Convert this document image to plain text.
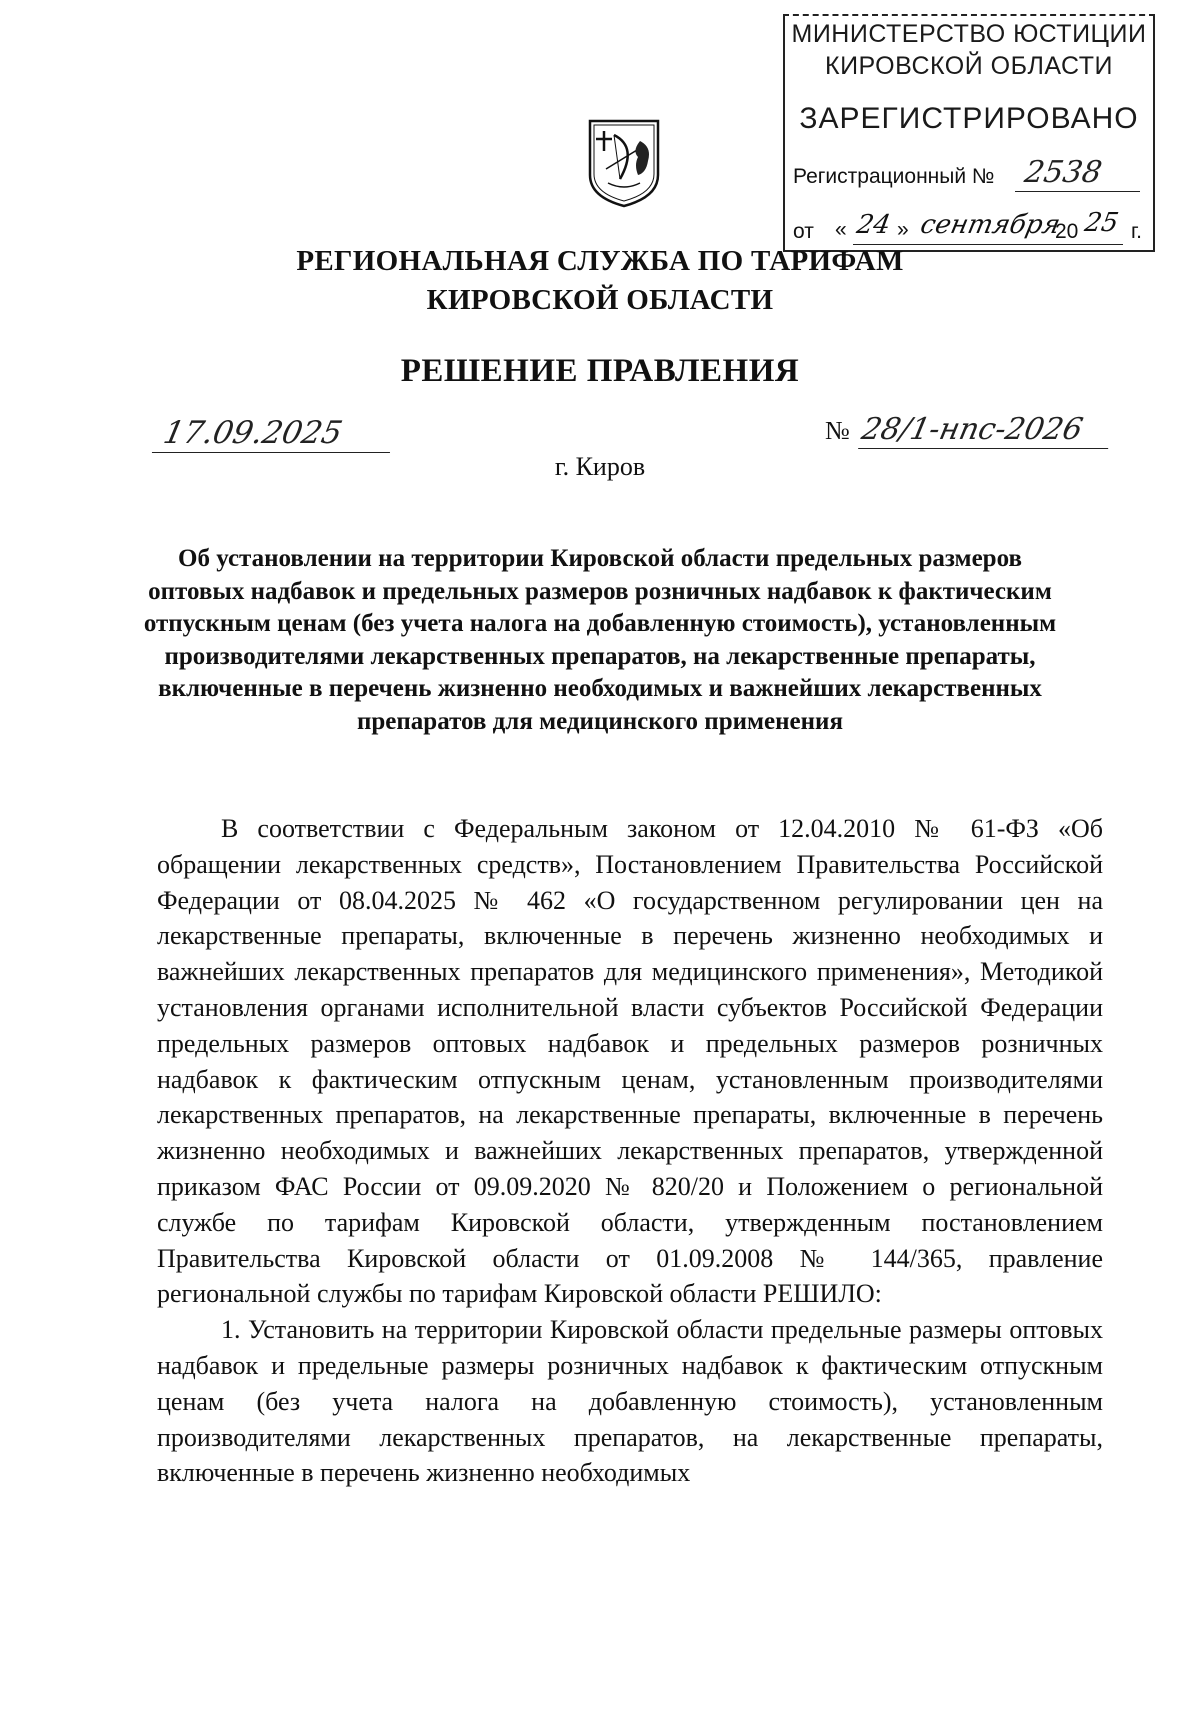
МИНИСТЕРСТВО ЮСТИЦИИ
КИРОВСКОЙ ОБЛАСТИ
ЗАРЕГИСТРИРОВАНО
Регистрационный № 2538
от « 24 » сентября
20 25 г.
РЕГИОНАЛЬНАЯ СЛУЖБА ПО ТАРИФАМ
КИРОВСКОЙ ОБЛАСТИ
РЕШЕНИЕ ПРАВЛЕНИЯ
17.09.2025	№ 28/1-нпс-2026
г. Киров
Об установлении на территории Кировской области предельных размеров оптовых надбавок и предельных размеров розничных надбавок к фактическим отпускным ценам (без учета налога на добавленную стоимость), установленным производителями лекарственных препаратов, на лекарственные препараты, включенные в перечень жизненно необходимых и важнейших лекарственных препаратов для медицинского применения

В соответствии с Федеральным законом от 12.04.2010 № 61-ФЗ «Об обращении лекарственных средств», Постановлением Правительства Российской Федерации от 08.04.2025 № 462 «О государственном регулировании цен на лекарственные препараты, включенные в перечень жизненно необходимых и важнейших лекарственных препаратов для медицинского применения», Методикой установления органами исполнительной власти субъектов Российской Федерации предельных размеров оптовых надбавок и предельных размеров розничных надбавок к фактическим отпускным ценам, установленным производителями лекарственных препаратов, на лекарственные препараты, включенные в перечень жизненно необходимых и важнейших лекарственных препаратов, утвержденной приказом ФАС России от 09.09.2020 № 820/20 и Положением о региональной службе по тарифам Кировской области, утвержденным постановлением Правительства Кировской области от 01.09.2008 № 144/365, правление региональной службы по тарифам Кировской области РЕШИЛО:

1. Установить на территории Кировской области предельные размеры оптовых надбавок и предельные размеры розничных надбавок к фактическим отпускным ценам (без учета налога на добавленную стоимость), установленным производителями лекарственных препаратов, на лекарственные препараты, включенные в перечень жизненно необходимых
